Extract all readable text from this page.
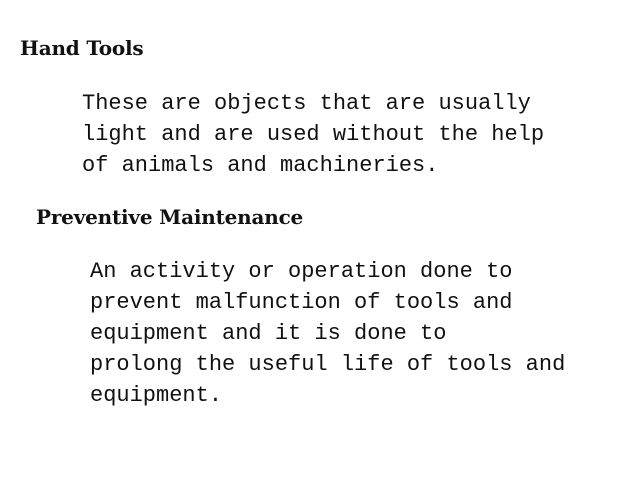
Hand Tools

These are objects that are usually
light and are used without the help
of animals and machineries.

Preventive Maintenance

An activity or operation done to
prevent malfunction of tools and
equipment and it is done to
prolong the useful life of tools and
equipment.
